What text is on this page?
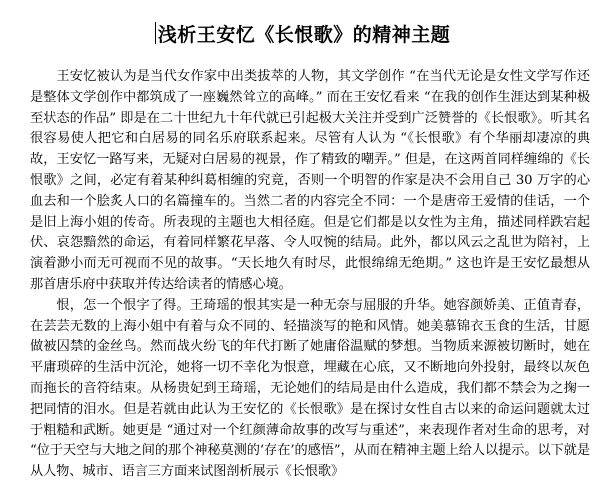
浅析王安忆《长恨歌》的精神主题

王安忆被认为是当代女作家中出类拔萃的人物，其文学创作 “在当代无论是女性文学写作还是整体文学创作中都筑成了一座巍然耸立的高峰。” 而在王安忆看来 “在我的创作生涯达到某种极至状态的作品” 即是在二十世纪九十年代就已引起极大关注并受到广泛赞誉的《长恨歌》。听其名很容易使人把它和白居易的同名乐府联系起来。尽管有人认为 “《长恨歌》有个华丽却凄凉的典故，王安忆一路写来，无疑对白居易的视景，作了精致的嘲弄。” 但是，在这两首同样缠绵的《长恨歌》之间，必定有着某种纠葛相缠的究竟，否则一个明智的作家是决不会用自己 30 万字的心血去和一个脍炙人口的名篇撞车的。当然二者的内容完全不同：一个是唐帝王爱情的佳话，一个是旧上海小姐的传奇。所表现的主题也大相径庭。但是它们都是以女性为主角，描述同样跌宕起伏、哀怨黯然的命运，有着同样繁花早落、令人叹惋的结局。此外，都以风云之乱世为陪衬，上演着渺小而无可视而不见的故事。“天长地久有时尽，此恨绵绵无绝期。” 这也许是王安忆最想从那首唐乐府中获取并传达给读者的情感心境。

恨，怎一个恨字了得。王琦瑶的恨其实是一种无奈与屈服的升华。她容颜娇美、正值青春，在芸芸无数的上海小姐中有着与众不同的、轻描淡写的艳和风情。她美慕锦衣玉食的生活，甘愿做被囚禁的金丝鸟。然而战火纷飞的年代打断了她庸俗温赋的梦想。当物质来源被切断时，她在平庸琐碎的生活中沉沦，她将一切不幸化为恨意，埋藏在心底，又不断地向外投射，最终以灰色而拖长的音符结束。从杨贵妃到王琦瑶，无论她们的结局是由什么造成，我们都不禁会为之掬一把同情的泪水。但是若就由此认为王安忆的《长恨歌》是在探讨女性自古以来的命运问题就太过于粗糙和武断。她更是 “通过对一个红颜薄命故事的改写与重述”，来表现作者对生命的思考，对 “位于天空与大地之间的那个神秘莫测的‘存在’的感悟”，从而在精神主题上给人以提示。以下就是从人物、城市、语言三方面来试图剖析展示《长恨歌》
